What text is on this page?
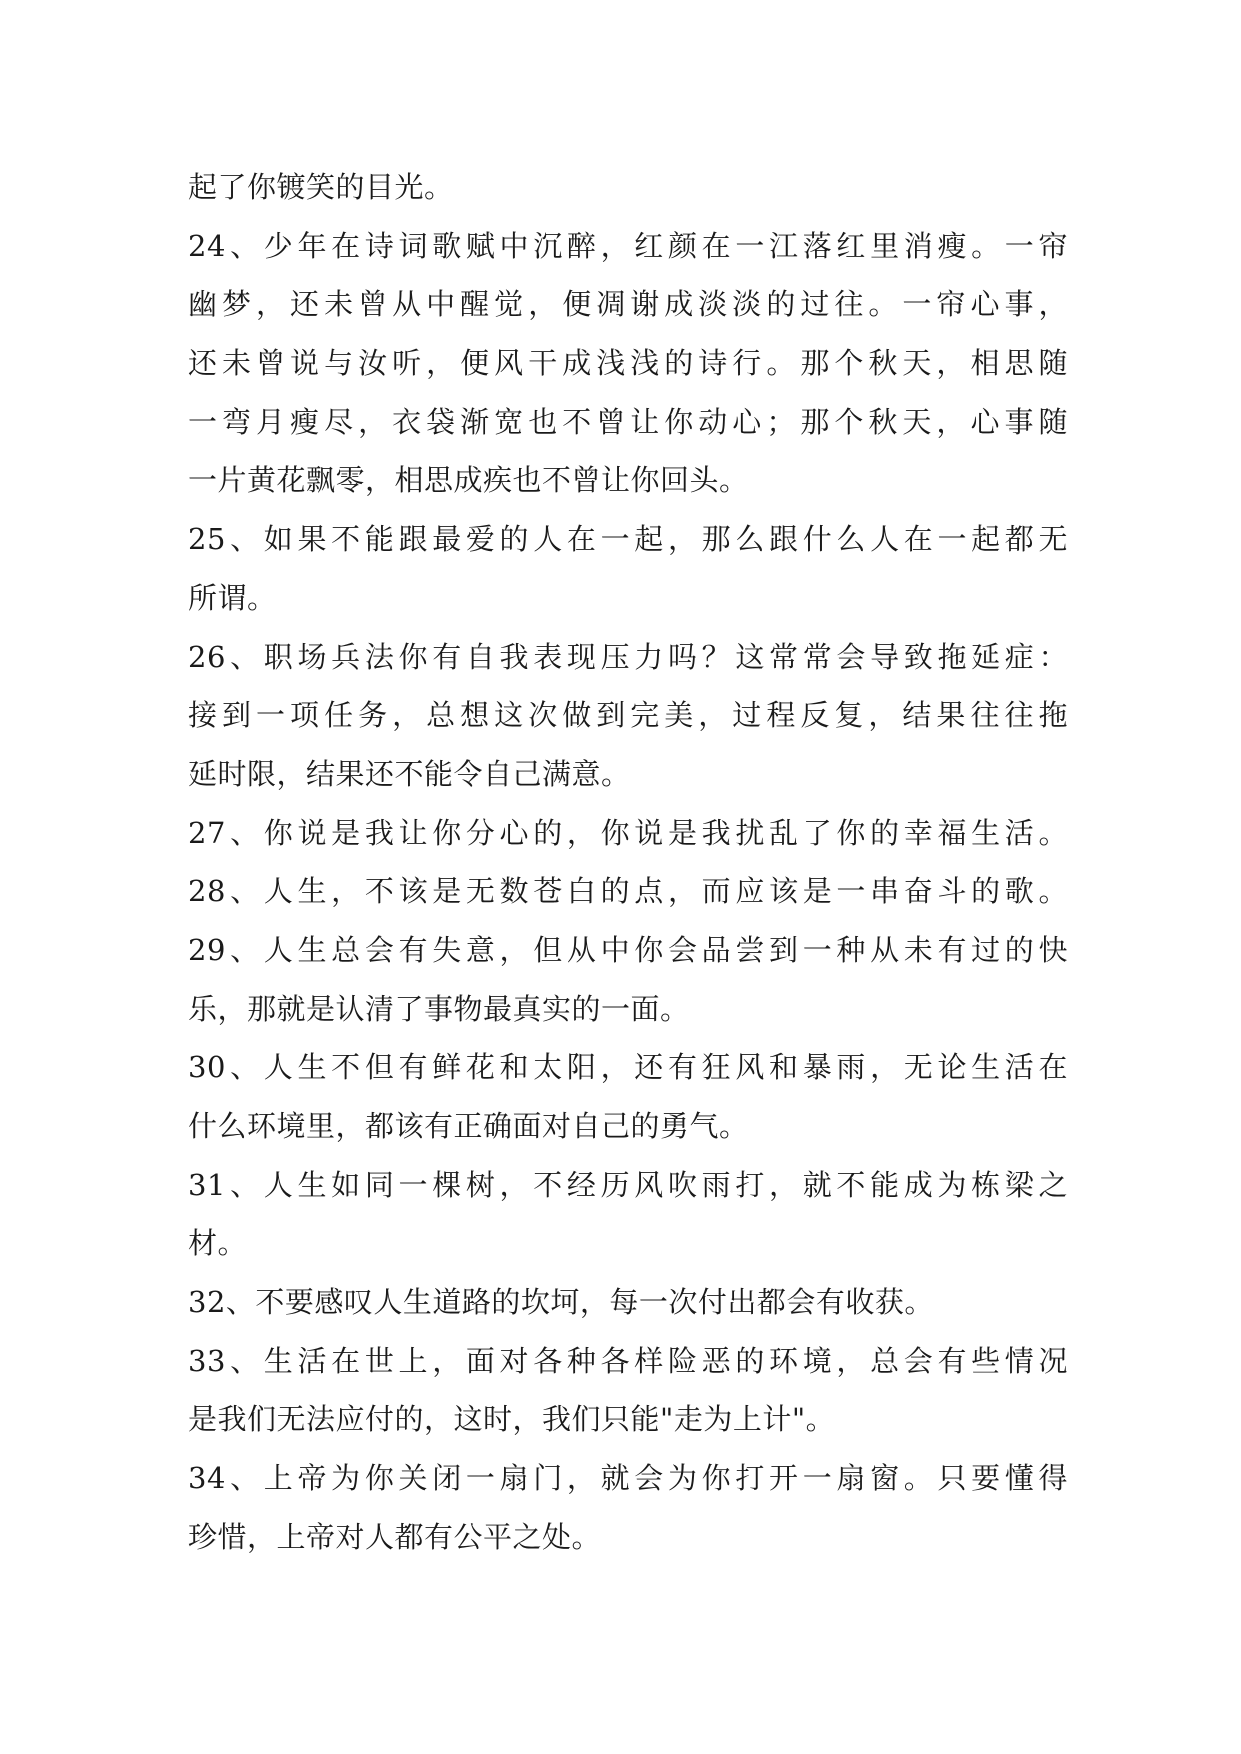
起了你镀笑的目光。
24、少年在诗词歌赋中沉醉，红颜在一江落红里消瘦。一帘
幽梦，还未曾从中醒觉，便凋谢成淡淡的过往。一帘心事，
还未曾说与汝听，便风干成浅浅的诗行。那个秋天，相思随
一弯月瘦尽，衣袋渐宽也不曾让你动心；那个秋天，心事随
一片黄花飘零，相思成疾也不曾让你回头。
25、如果不能跟最爱的人在一起，那么跟什么人在一起都无
所谓。
26、职场兵法你有自我表现压力吗？这常常会导致拖延症：
接到一项任务，总想这次做到完美，过程反复，结果往往拖
延时限，结果还不能令自己满意。
27、你说是我让你分心的，你说是我扰乱了你的幸福生活。
28、人生，不该是无数苍白的点，而应该是一串奋斗的歌。
29、人生总会有失意，但从中你会品尝到一种从未有过的快
乐，那就是认清了事物最真实的一面。
30、人生不但有鲜花和太阳，还有狂风和暴雨，无论生活在
什么环境里，都该有正确面对自己的勇气。
31、人生如同一棵树，不经历风吹雨打，就不能成为栋梁之
材。
32、不要感叹人生道路的坎坷，每一次付出都会有收获。
33、生活在世上，面对各种各样险恶的环境，总会有些情况
是我们无法应付的，这时，我们只能"走为上计"。
34、上帝为你关闭一扇门，就会为你打开一扇窗。只要懂得
珍惜，上帝对人都有公平之处。
